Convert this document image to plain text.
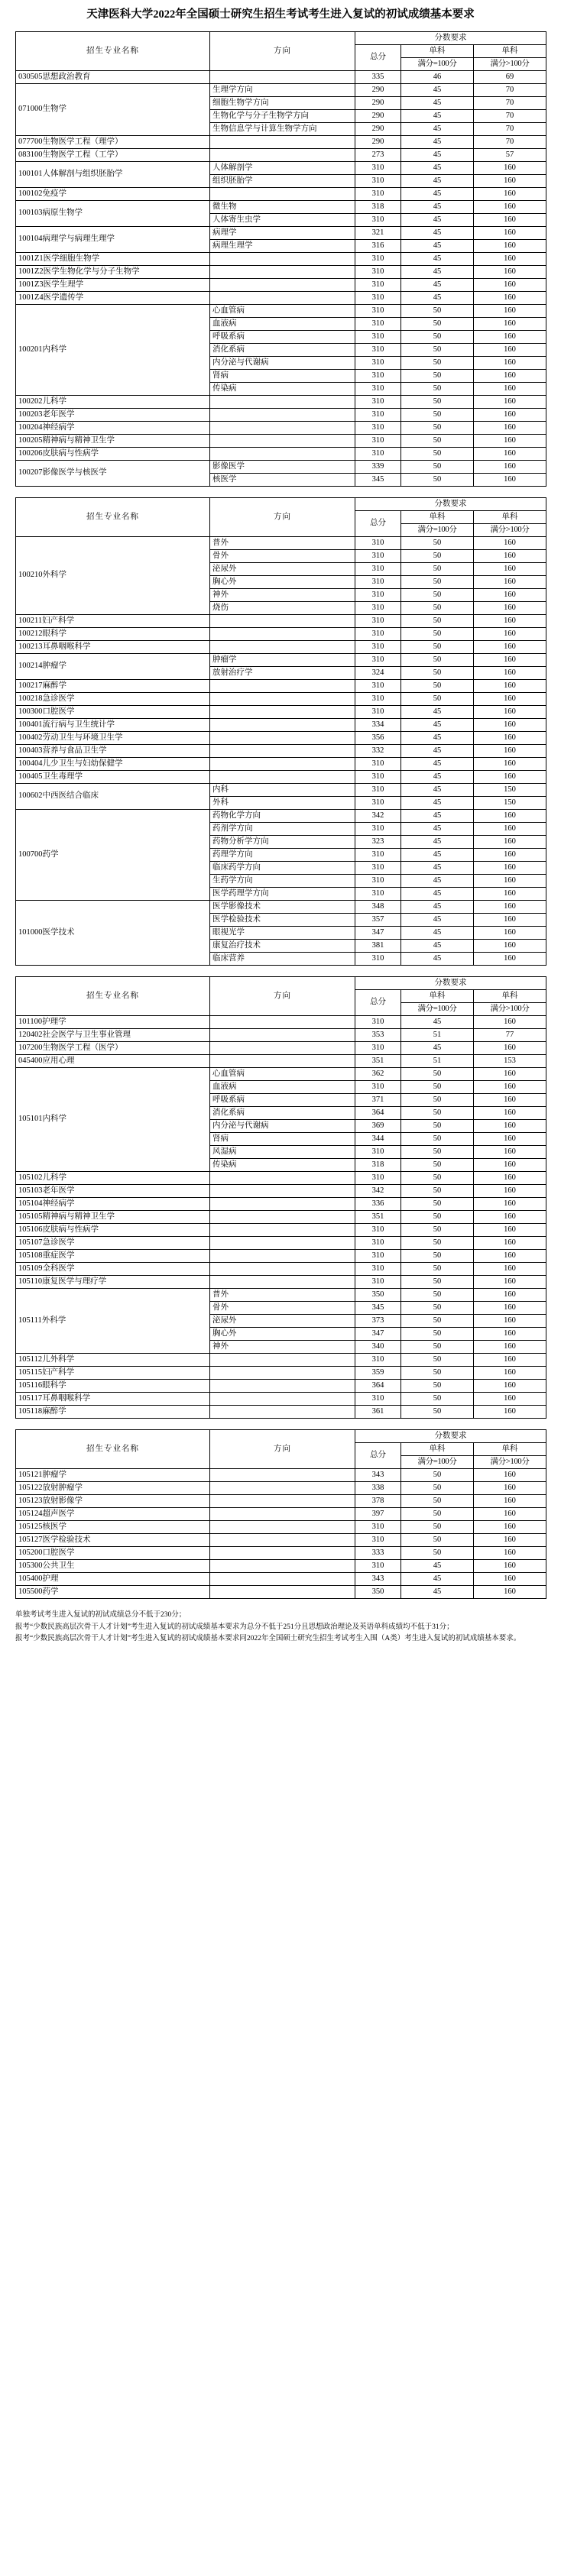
天津医科大学2022年全国硕士研究生招生考试考生进入复试的初试成绩基本要求
招生专业名称	方向	分数要求		
		总分	单科	单科
			满分=100分	满分>100分
030505思想政治教育		335	46	69
071000生物学	生理学方向	290	45	70
	细胞生物学方向	290	45	70
	生物化学与分子生物学方向	290	45	70
	生物信息学与计算生物学方向	290	45	70
077700生物医学工程（理学）		290	45	70
083100生物医学工程（工学）		273	45	57
100101人体解剖与组织胚胎学	人体解剖学	310	45	160
	组织胚胎学	310	45	160
100102免疫学		310	45	160
100103病原生物学	微生物	318	45	160
	人体寄生虫学	310	45	160
100104病理学与病理生理学	病理学	321	45	160
	病理生理学	316	45	160
1001Z1医学细胞生物学		310	45	160
1001Z2医学生物化学与分子生物学		310	45	160
1001Z3医学生理学		310	45	160
1001Z4医学遗传学		310	45	160
100201内科学	心血管病	310	50	160
	血液病	310	50	160
	呼吸系病	310	50	160
	消化系病	310	50	160
	内分泌与代谢病	310	50	160
	肾病	310	50	160
	传染病	310	50	160
100202儿科学		310	50	160
100203老年医学		310	50	160
100204神经病学		310	50	160
100205精神病与精神卫生学		310	50	160
100206皮肤病与性病学		310	50	160
100207影像医学与核医学	影像医学	339	50	160
	核医学	345	50	160
招生专业名称	方向	分数要求		
		总分	单科	单科
			满分=100分	满分>100分
100210外科学	普外	310	50	160
	骨外	310	50	160
	泌尿外	310	50	160
	胸心外	310	50	160
	神外	310	50	160
	烧伤	310	50	160
100211妇产科学		310	50	160
100212眼科学		310	50	160
100213耳鼻咽喉科学		310	50	160
100214肿瘤学	肿瘤学	310	50	160
	放射治疗学	324	50	160
100217麻醉学		310	50	160
100218急诊医学		310	50	160
100300口腔医学		310	45	160
100401流行病与卫生统计学		334	45	160
100402劳动卫生与环境卫生学		356	45	160
100403营养与食品卫生学		332	45	160
100404儿少卫生与妇幼保健学		310	45	160
100405卫生毒理学		310	45	160
100602中西医结合临床	内科	310	45	150
	外科	310	45	150
100700药学	药物化学方向	342	45	160
	药剂学方向	310	45	160
	药物分析学方向	323	45	160
	药理学方向	310	45	160
	临床药学方向	310	45	160
	生药学方向	310	45	160
	医学药理学方向	310	45	160
101000医学技术	医学影像技术	348	45	160
	医学检验技术	357	45	160
	眼视光学	347	45	160
	康复治疗技术	381	45	160
	临床营养	310	45	160
招生专业名称	方向	分数要求		
		总分	单科	单科
			满分=100分	满分>100分
101100护理学		310	45	160
120402社会医学与卫生事业管理		353	51	77
107200生物医学工程（医学）		310	45	160
045400应用心理		351	51	153
105101内科学	心血管病	362	50	160
	血液病	310	50	160
	呼吸系病	371	50	160
	消化系病	364	50	160
	内分泌与代谢病	369	50	160
	肾病	344	50	160
	风湿病	310	50	160
	传染病	318	50	160
105102儿科学		310	50	160
105103老年医学		342	50	160
105104神经病学		336	50	160
105105精神病与精神卫生学		351	50	160
105106皮肤病与性病学		310	50	160
105107急诊医学		310	50	160
105108重症医学		310	50	160
105109全科医学		310	50	160
105110康复医学与理疗学		310	50	160
105111外科学	普外	350	50	160
	骨外	345	50	160
	泌尿外	373	50	160
	胸心外	347	50	160
	神外	340	50	160
105112儿外科学		310	50	160
105115妇产科学		359	50	160
105116眼科学		364	50	160
105117耳鼻咽喉科学		310	50	160
105118麻醉学		361	50	160
招生专业名称	方向	分数要求		
		总分	单科	单科
			满分=100分	满分>100分
105121肿瘤学		343	50	160
105122放射肿瘤学		338	50	160
105123放射影像学		378	50	160
105124超声医学		397	50	160
105125核医学		310	50	160
105127医学检验技术		310	50	160
105200口腔医学		333	50	160
105300公共卫生		310	45	160
105400护理		343	45	160
105500药学		350	45	160

单独考试考生进入复试的初试成绩总分不低于230分；

报考“少数民族高层次骨干人才计划”考生进入复试的初试成绩基本要求为总分不低于251分且思想政治理论及英语单科成绩均不低于31分；

报考“少数民族高层次骨干人才计划”考生进入复试的初试成绩基本要求同2022年全国硕士研究生招生考试考生入围（A类）考生进入复试的初试成绩基本要求。
